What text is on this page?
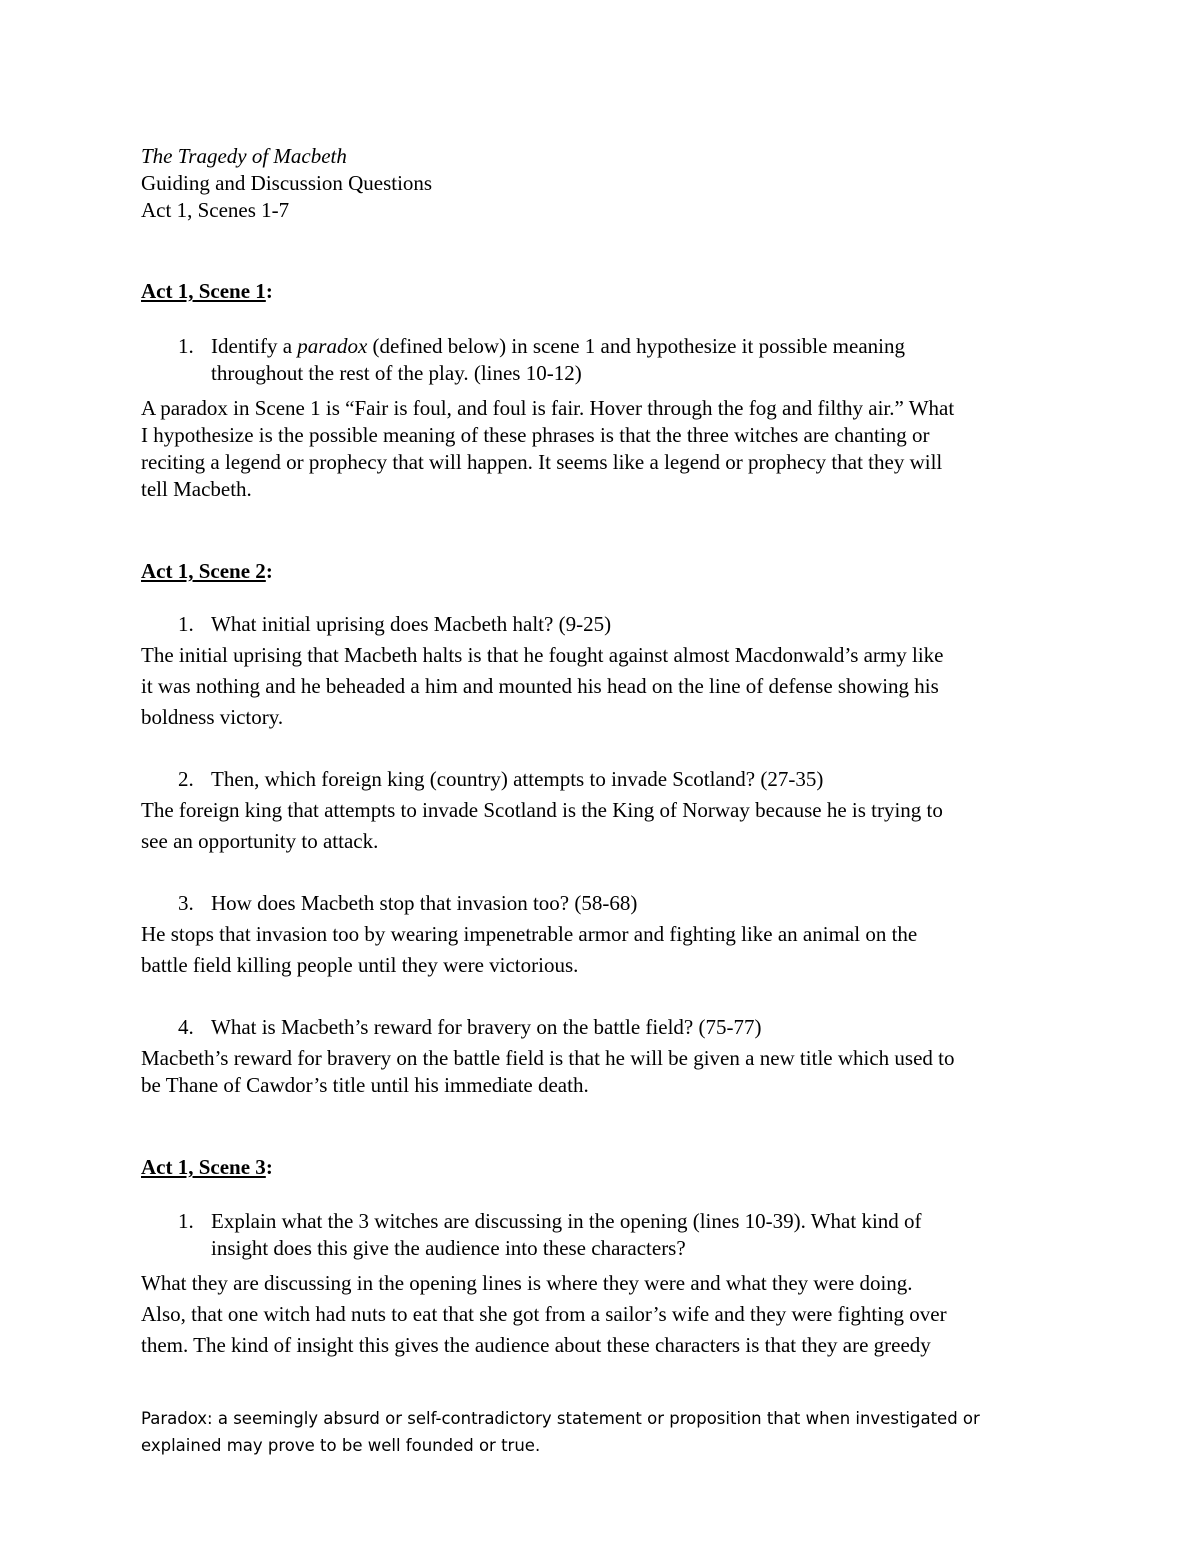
The Tragedy of Macbeth
Guiding and Discussion Questions
Act 1, Scenes 1-7
Act 1, Scene 1:
1. Identify a paradox (defined below) in scene 1 and hypothesize it possible meaning
throughout the rest of the play. (lines 10-12)
A paradox in Scene 1 is “Fair is foul, and foul is fair. Hover through the fog and filthy air.” What
I hypothesize is the possible meaning of these phrases is that the three witches are chanting or
reciting a legend or prophecy that will happen. It seems like a legend or prophecy that they will
tell Macbeth.
Act 1, Scene 2:
1. What initial uprising does Macbeth halt? (9-25)
The initial uprising that Macbeth halts is that he fought against almost Macdonwald’s army like
it was nothing and he beheaded a him and mounted his head on the line of defense showing his
boldness victory.
2. Then, which foreign king (country) attempts to invade Scotland? (27-35)
The foreign king that attempts to invade Scotland is the King of Norway because he is trying to
see an opportunity to attack.
3. How does Macbeth stop that invasion too? (58-68)
He stops that invasion too by wearing impenetrable armor and fighting like an animal on the
battle field killing people until they were victorious.
4. What is Macbeth’s reward for bravery on the battle field? (75-77)
Macbeth’s reward for bravery on the battle field is that he will be given a new title which used to
be Thane of Cawdor’s title until his immediate death.
Act 1, Scene 3:
1. Explain what the 3 witches are discussing in the opening (lines 10-39). What kind of
insight does this give the audience into these characters?
What they are discussing in the opening lines is where they were and what they were doing.
Also, that one witch had nuts to eat that she got from a sailor’s wife and they were fighting over
them. The kind of insight this gives the audience about these characters is that they are greedy
Paradox: a seemingly absurd or self-contradictory statement or proposition that when investigated or
explained may prove to be well founded or true.
